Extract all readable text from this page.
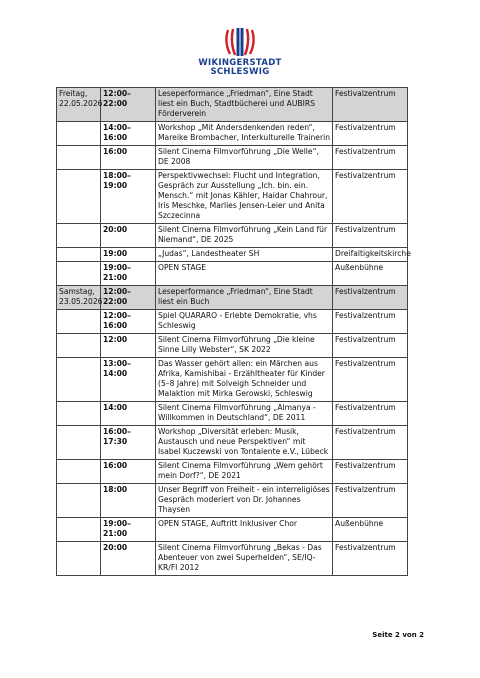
WIKINGERSTADT
SCHLESWIG
Freitag, 22.05.2026	12:00–22:00	Leseperformance „Friedman“, Eine Stadt liest ein Buch, Stadtbücherei und AUBIRS Förderverein	Festivalzentrum
	14:00–16:00	Workshop „Mit Andersdenkenden reden“, Mareike Brombacher, Interkulturelle Trainerin	Festivalzentrum
	16:00	Silent Cinema Filmvorführung „Die Welle“, DE 2008	Festivalzentrum
	18:00–19:00	Perspektivwechsel: Flucht und Integration, Gespräch zur Ausstellung „Ich. bin. ein. Mensch.“ mit Jonas Kähler, Haidar Chahrour, Iris Meschke, Marlies Jensen-Leier und Anita Szczecinna	Festivalzentrum
	20:00	Silent Cinema Filmvorführung „Kein Land für Niemand“, DE 2025	Festivalzentrum
	19:00	„Judas“, Landestheater SH	Dreifaltigkeitskirche
	19:00–21:00	OPEN STAGE	Außenbühne
Samstag, 23.05.2026	12:00–22:00	Leseperformance „Friedman“, Eine Stadt liest ein Buch	Festivalzentrum
	12:00–16:00	Spiel QUARARO - Erlebte Demokratie, vhs Schleswig	Festivalzentrum
	12:00	Silent Cinema Filmvorführung „Die kleine Sinne Lilly Webster“, SK 2022	Festivalzentrum
	13:00–14:00	Das Wasser gehört allen: ein Märchen aus Afrika, Kamishibai - Erzähltheater für Kinder (5–8 Jahre) mit Solveigh Schneider und Malaktion mit Mirka Gerowski, Schleswig	Festivalzentrum
	14:00	Silent Cinema Filmvorführung „Almanya - Willkommen in Deutschland“, DE 2011	Festivalzentrum
	16:00–17:30	Workshop „Diversität erleben: Musik, Austausch und neue Perspektiven“ mit Isabel Kuczewski von Tontalente e.V., Lübeck	Festivalzentrum
	16:00	Silent Cinema Filmvorführung „Wem gehört mein Dorf?“, DE 2021	Festivalzentrum
	18:00	Unser Begriff von Freiheit - ein interreligiöses Gespräch moderiert von Dr. Johannes Thaysen	Festivalzentrum
	19:00–21:00	OPEN STAGE, Auftritt Inklusiver Chor	Außenbühne
	20:00	Silent Cinema Filmvorführung „Bekas - Das Abenteuer von zwei Superhelden“, SE/IQ-KR/FI 2012	Festivalzentrum
Seite 2 von 2
